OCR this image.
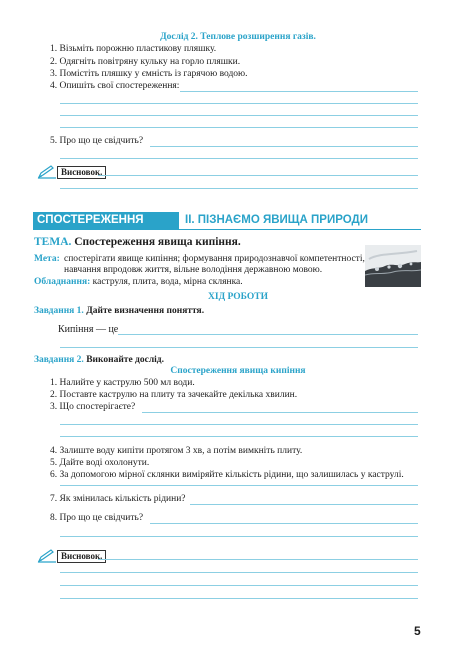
Дослід 2. Теплове розширення газів.
1. Візьміть порожню пластикову пляшку.
2. Одягніть повітряну кульку на горло пляшки.
3. Помістіть пляшку у ємність із гарячою водою.
4. Опишіть свої спостереження:
5. Про що це свідчить?
Висновок.
СПОСТЕРЕЖЕННЯ	ІІ. ПІЗНАЄМО ЯВИЩА ПРИРОДИ
ТЕМА. Спостереження явища кипіння.
Мета: спостерігати явище кипіння; формування природознавчої компетентності,
навчання впродовж життя, вільне володіння державною мовою.
Обладнання: каструля, плита, вода, мірна склянка.
ХІД РОБОТИ
Завдання 1. Дайте визначення поняття.
Кипіння — це
Завдання 2. Виконайте дослід.
Спостереження явища кипіння
1. Налийте у каструлю 500 мл води.
2. Поставте каструлю на плиту та зачекайте декілька хвилин.
3. Що спостерігаєте?
4. Залиште воду кипіти протягом 3 хв, а потім вимкніть плиту.
5. Дайте воді охолонути.
6. За допомогою мірної склянки виміряйте кількість рідини, що залишилась у каструлі.
7. Як змінилась кількість рідини?
8. Про що це свідчить?
Висновок.
5
